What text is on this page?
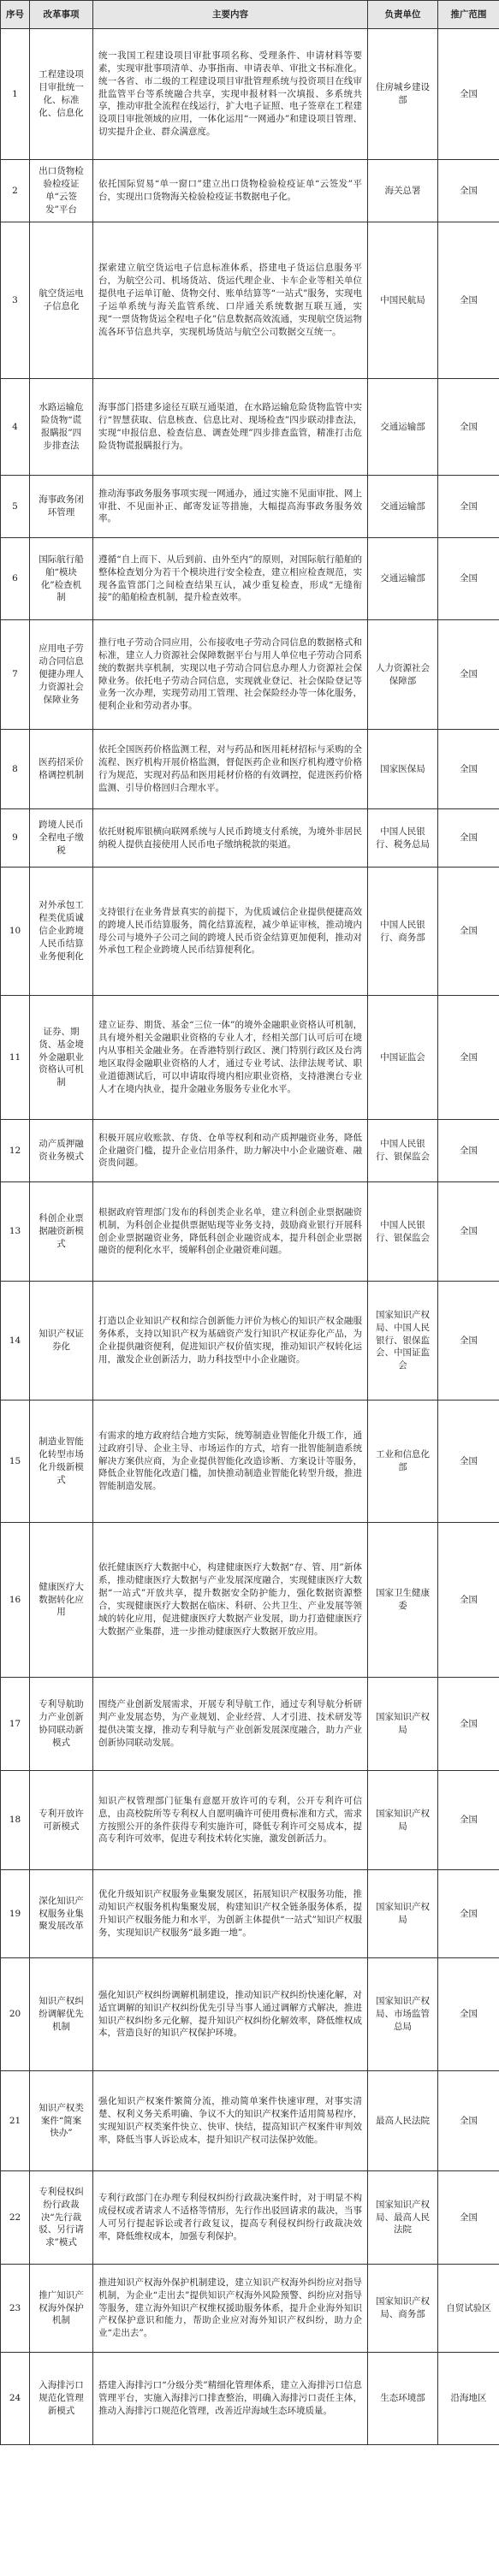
序号	改革事项	主要内容	负责单位	推广范围
1	工程建设项目审批统一化、标准化、信息化	统一我国工程建设项目审批事项名称、受理条件、申请材料等要素，实现审批事项清单、办事指南、申请表单、审批文书标准化。统一各省、市二级的工程建设项目审批管理系统与投资项目在线审批监管平台等系统融合共享，实现申报材料一次填报、多系统共享，推动审批全流程在线运行，扩大电子证照、电子签章在工程建设项目审批领域的应用，一体化运用“一网通办”和建设项目管理、切实提升企业、群众满意度。	住房城乡建设部	全国
2	出口货物检验检疫证单“云签发”平台	依托国际贸易“单一窗口”建立出口货物检验检疫证单“云签发”平台，实现出口货物海关检验检疫证书数据电子化。	海关总署	全国
3	航空货运电子信息化	探索建立航空货运电子信息标准体系，搭建电子货运信息服务平台，为航空公司、机场货站、货运代理企业、卡车企业等相关单位提供电子运单订舱、货物交付、账单结算等“一站式”服务，实现电子运单系统与海关监管系统、口岸通关系统数据互联互通，实现“一票货物货运全程电子化”信息数据高效流通，实现航空货运物流各环节信息共享，实现机场货站与航空公司数据交互统一。	中国民航局	全国
4	水路运输危险货物“谎报瞒报”四步排查法	海事部门搭建多途径互联互通渠道，在水路运输危险货物监管中实行“智慧获取、信息核查、信息比对、现场检查”四步联动排查法，实现“申报信息、检查信息、调查处理”四步排查监管，精准打击危险货物谎报瞒报行为。	交通运输部	全国
5	海事政务闭环管理	推动海事政务服务事项实现一网通办，通过实施不见面审批、网上审批、不见面补正、邮寄发证等措施，大幅提高海事政务服务效率。	交通运输部	全国
6	国际航行船舶“模块化”检查机制	遵循“自上而下、从后到前、由外至内”的原则，对国际航行船舶的整体检查划分为若干个模块进行安全检查，建立相应检查规范，实现各监管部门之间检查结果互认，减少重复检查，形成“无缝衔接”的船舶检查机制，提升检查效率。	交通运输部	全国
7	应用电子劳动合同信息便捷办理人力资源社会保障业务	推行电子劳动合同应用，公布接收电子劳动合同信息的数据格式和标准，建立人力资源社会保障数据平台与用人单位电子劳动合同系统的数据共享机制，实现以电子劳动合同信息办理人力资源社会保障业务。依托电子劳动合同信息，实现就业登记、社会保险登记等业务一次办理，实现劳动用工管理、社会保险经办等一体化服务，便利企业和劳动者办事。	人力资源社会保障部	全国
8	医药招采价格调控机制	依托全国医药价格监测工程，对与药品和医用耗材招标与采购的全流程、医疗机构开展价格监测，督促医药企业和医疗机构遵守价格行为规范，实现对药品和医用耗材价格的有效调控，促进医药价格监测、引导价格回归合理水平。	国家医保局	全国
9	跨境人民币全程电子缴税	依托财税库银横向联网系统与人民币跨境支付系统，为境外非居民纳税人提供直接使用人民币电子缴纳税款的渠道。	中国人民银行、税务总局	全国
10	对外承包工程类优质诚信企业跨境人民币结算业务便利化	支持银行在业务背景真实的前提下，为优质诚信企业提供便捷高效的跨境人民币结算服务，简化结算流程，减少单证审核，推动境内母公司与境外子公司之间的跨境人民币资金结算更加便利，推动对外承包工程企业跨境人民币结算便利化。	中国人民银行、商务部	全国
11	证券、期货、基金境外金融职业资格认可机制	建立证券、期货、基金“三位一体”的境外金融职业资格认可机制，具有境外相关金融职业资格的专业人才，经相关部门认可后可在境内从事相关金融业务。在香港特别行政区、澳门特别行政区及台湾地区取得金融职业资格的人才，通过专业考试、法律法规考试、职业道德测试后，可以申请取得境内相应职业资格，支持港澳台专业人才在境内执业，提升金融业务服务专业化水平。	中国证监会	全国
12	动产质押融资业务模式	积极开展应收账款、存货、仓单等权利和动产质押融资业务，降低企业融资门槛，提升企业信用条件，助力解决中小企业融资难、融资贵问题。	中国人民银行、银保监会	全国
13	科创企业票据融资新模式	根据政府管理部门发布的科创类企业名单，建立科创企业票据融资机制，为科创企业提供票据贴现等业务支持，鼓励商业银行开展科创企业票据融资业务，降低科创企业融资成本，提升科创企业票据融资的便利化水平，缓解科创企业融资难问题。	中国人民银行、银保监会	全国
14	知识产权证券化	打造以企业知识产权和综合创新能力评价为核心的知识产权金融服务体系，支持以知识产权为基础资产发行知识产权证券化产品，为企业提供融资便利，促进知识产权价值实现，推动知识产权转化运用，激发企业创新活力，助力科技型中小企业融资。	国家知识产权局、中国人民银行、银保监会、中国证监会	全国
15	制造业智能化转型市场化升级新模式	有需求的地方政府结合地方实际，统筹制造业智能化升级工作，通过政府引导、企业主导、市场运作的方式，培育一批智能制造系统解决方案供应商，为企业提供智能化改造诊断、方案设计等服务，降低企业智能化改造门槛，加快推动制造业智能化转型升级，推进智能制造发展。	工业和信息化部	全国
16	健康医疗大数据转化应用	依托健康医疗大数据中心，构建健康医疗大数据“存、管、用”新体系，推动健康医疗大数据与产业发展深度融合，实现健康医疗大数据“一站式”开放共享，提升数据安全防护能力，强化数据资源整合，实现健康医疗大数据在临床、科研、公共卫生、产业发展等领域的转化应用，促进健康医疗大数据产业发展，助力打造健康医疗大数据产业集群，进一步推动健康医疗大数据开放应用。	国家卫生健康委	全国
17	专利导航助力产业创新协同联动新模式	围绕产业创新发展需求，开展专利导航工作，通过专利导航分析研判产业发展态势，为产业规划、企业经营、人才引进、技术研发等提供决策支撑，推动专利导航与产业创新发展深度融合，助力产业创新协同联动发展。	国家知识产权局	全国
18	专利开放许可新模式	知识产权管理部门征集有意愿开放许可的专利，公开专利许可信息，由高校院所等专利权人自愿明确许可使用费标准和方式，需求方按照公开的条件获得专利实施许可，降低专利许可交易成本，提高专利许可效率，促进专利技术转化实施，激发创新活力。	国家知识产权局	全国
19	深化知识产权服务业集聚发展改革	优化升级知识产权服务业集聚发展区，拓展知识产权服务功能，推动知识产权服务机构集聚发展，构建知识产权全链条服务体系，提升知识产权服务能力和水平，为创新主体提供“一站式”知识产权服务，实现知识产权服务“最多跑一地”。	国家知识产权局	全国
20	知识产权纠纷调解优先机制	强化知识产权纠纷调解机制建设，推动知识产权纠纷快速化解，对适宜调解的知识产权纠纷优先引导当事人通过调解方式解决，推进知识产权纠纷多元化解，提升知识产权纠纷化解效率，降低维权成本，营造良好的知识产权保护环境。	国家知识产权局、市场监管总局	全国
21	知识产权类案件“简案快办”	强化知识产权案件繁简分流，推动简单案件快速审理，对事实清楚、权利义务关系明确、争议不大的知识产权案件适用简易程序，实现知识产权类案件快立、快审、快结，提高知识产权案件审判效率，降低当事人诉讼成本，提升知识产权司法保护效能。	最高人民法院	全国
22	专利侵权纠纷行政裁决“先行裁驳、另行请求”模式	专利行政部门在办理专利侵权纠纷行政裁决案件时，对于明显不构成侵权或者请求人不适格等情形，先行作出驳回请求的裁决，当事人可另行提起诉讼或者行政复议，提高专利侵权纠纷行政裁决效率，降低维权成本，加强专利保护。	国家知识产权局、最高人民法院	全国
23	推广知识产权海外保护机制	推进知识产权海外保护机制建设，建立知识产权海外纠纷应对指导机制，为企业“走出去”提供知识产权海外风险预警、纠纷应对指导等服务，建立海外知识产权维权援助服务体系，提升企业海外知识产权保护意识和能力，帮助企业应对海外知识产权纠纷，助力企业“走出去”。	国家知识产权局、商务部	自贸试验区
24	入海排污口规范化管理新模式	搭建入海排污口“分级分类”精细化管理体系，建立入海排污口信息管理平台，实施入海排污口排查整治，明确入海排污口责任主体，推动入海排污口规范化管理，改善近岸海域生态环境质量。	生态环境部	沿海地区
